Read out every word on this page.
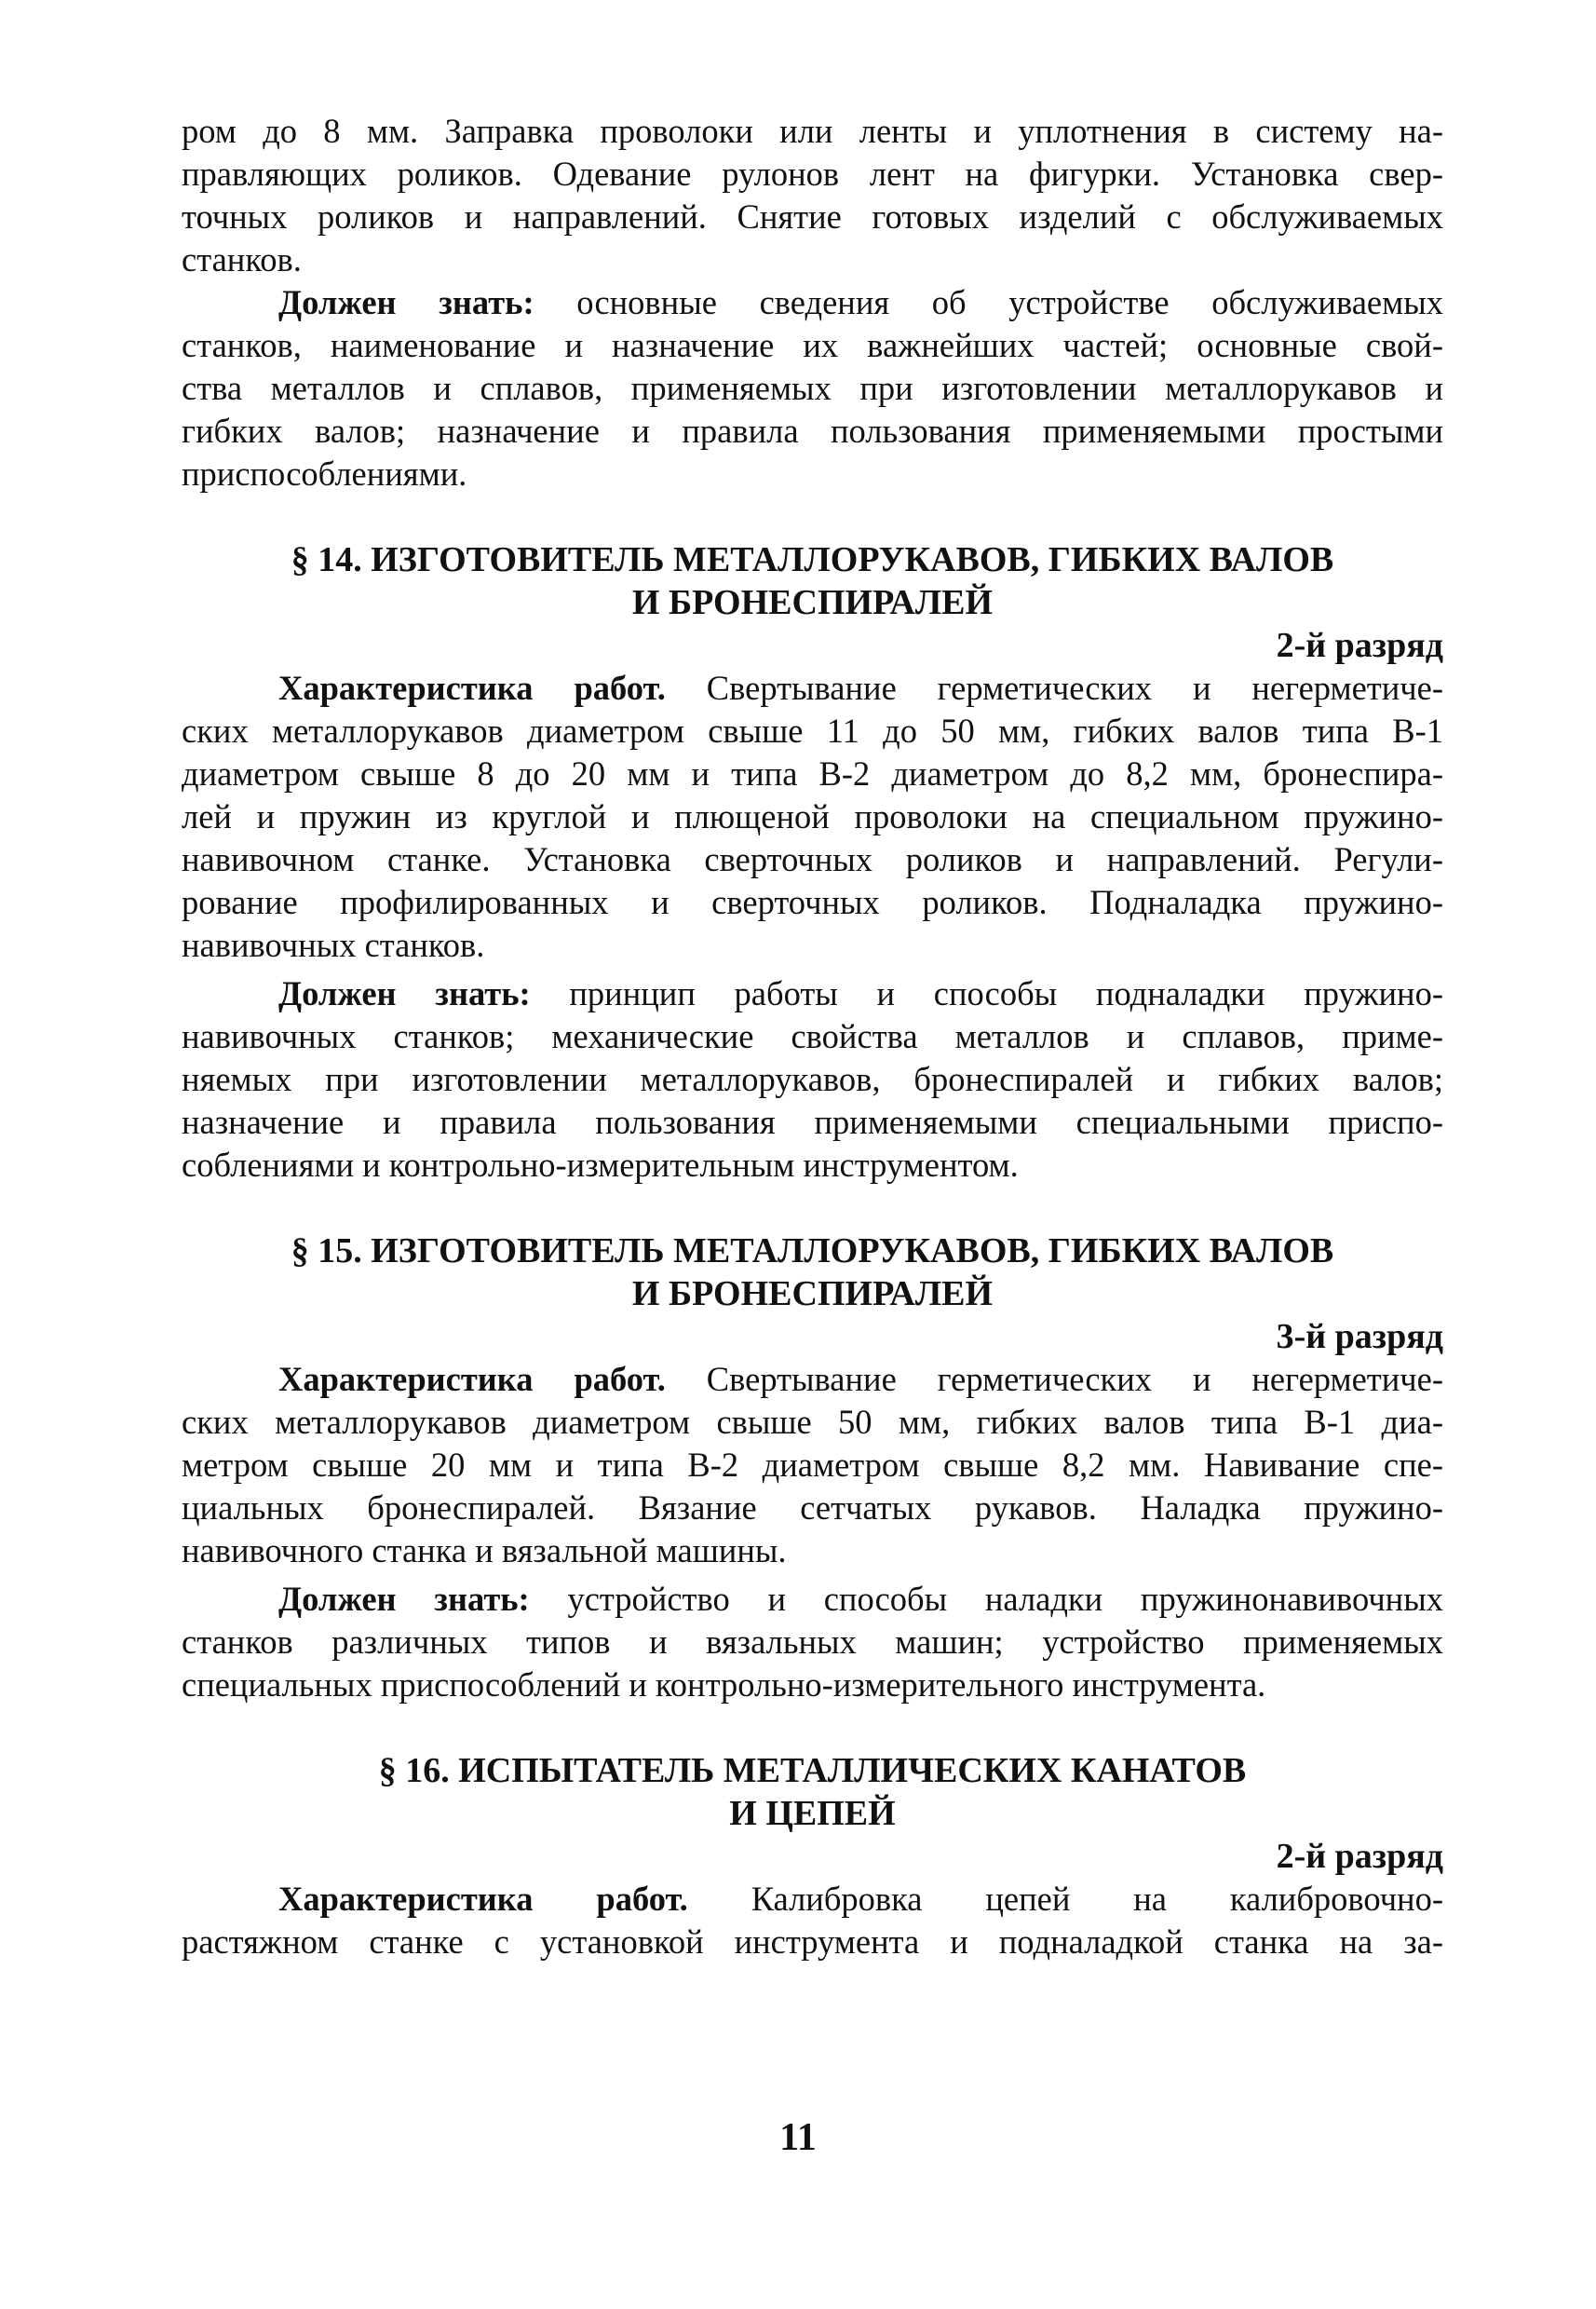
ром до 8 мм. Заправка проволоки или ленты и уплотнения в систему на-
правляющих роликов. Одевание рулонов лент на фигурки. Установка свер-
точных роликов и направлений. Снятие готовых изделий с обслуживаемых
станков.

Должен знать: основные сведения об устройстве обслуживаемых
станков, наименование и назначение их важнейших частей; основные свой-
ства металлов и сплавов, применяемых при изготовлении металлорукавов и
гибких валов; назначение и правила пользования применяемыми простыми
приспособлениями.

§ 14. ИЗГОТОВИТЕЛЬ МЕТАЛЛОРУКАВОВ, ГИБКИХ ВАЛОВ
И БРОНЕСПИРАЛЕЙ
2-й разряд

Характеристика работ. Свертывание герметических и негерметиче-
ских металлорукавов диаметром свыше 11 до 50 мм, гибких валов типа В-1
диаметром свыше 8 до 20 мм и типа В-2 диаметром до 8,2 мм, бронеспира-
лей и пружин из круглой и плющеной проволоки на специальном пружино-
навивочном станке. Установка сверточных роликов и направлений. Регули-
рование профилированных и сверточных роликов. Подналадка пружино-
навивочных станков.

Должен знать: принцип работы и способы подналадки пружино-
навивочных станков; механические свойства металлов и сплавов, приме-
няемых при изготовлении металлорукавов, бронеспиралей и гибких валов;
назначение и правила пользования применяемыми специальными приспо-
соблениями и контрольно-измерительным инструментом.

§ 15. ИЗГОТОВИТЕЛЬ МЕТАЛЛОРУКАВОВ, ГИБКИХ ВАЛОВ
И БРОНЕСПИРАЛЕЙ
3-й разряд

Характеристика работ. Свертывание герметических и негерметиче-
ских металлорукавов диаметром свыше 50 мм, гибких валов типа В-1 диа-
метром свыше 20 мм и типа В-2 диаметром свыше 8,2 мм. Навивание спе-
циальных бронеспиралей. Вязание сетчатых рукавов. Наладка пружино-
навивочного станка и вязальной машины.

Должен знать: устройство и способы наладки пружинонавивочных
станков различных типов и вязальных машин; устройство применяемых
специальных приспособлений и контрольно-измерительного инструмента.

§ 16. ИСПЫТАТЕЛЬ МЕТАЛЛИЧЕСКИХ КАНАТОВ
И ЦЕПЕЙ
2-й разряд

Характеристика работ. Калибровка цепей на калибровочно-
растяжном станке с установкой инструмента и подналадкой станка на за-

11
